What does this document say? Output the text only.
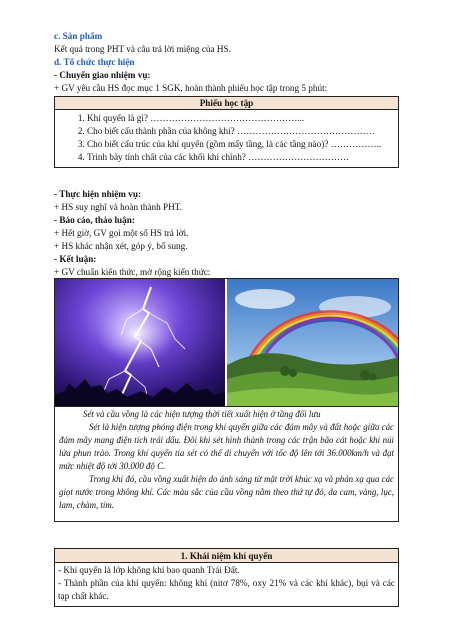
c. Sản phẩm
Kết quả trong PHT và câu trả lời miệng của HS.
d. Tổ chức thực hiện
- Chuyển giao nhiệm vụ:
+ GV yêu cầu HS đọc mục 1 SGK, hoàn thành phiếu học tập trong 5 phút:
Phiếu học tập
1. Khí quyển là gì? …………………………………………...
2. Cho biết cấu thành phần của không khí? ………………………………………
3. Cho biết cấu trúc của khí quyển (gồm mấy tầng, là các tầng nào)? ……………..
4. Trình bày tính chất của các khối khí chính? ……………………………
- Thực hiện nhiệm vụ:
+ HS suy nghĩ và hoàn thành PHT.
- Báo cáo, thảo luận:
+ Hết giờ, GV gọi một số HS trả lời.
+ HS khác nhận xét, góp ý, bổ sung.
- Kết luận:
+ GV chuẩn kiến thức, mở rộng kiến thức:
Sét và cầu vồng là các hiện tượng thời tiết xuất hiện ở tầng đối lưu

Sét là hiện tượng phóng điện trong khí quyển giữa các đám mây và đất hoặc giữa các đám mây mang điện tích trái dấu. Đôi khi sét hình thành trong các trận bão cát hoặc khi núi lửa phun trào. Trong khí quyển tia sét có thể di chuyển với tốc độ lên tới 36.000km/h và đạt mức nhiệt độ tới 30.000 độ C.

Trong khi đó, cầu vồng xuất hiện do ánh sáng từ mặt trời khúc xạ và phản xạ qua các giọt nước trong không khí. Các màu sắc của cầu vồng nằm theo thứ tự đỏ, da cam, vàng, lục, lam, chàm, tím.

1. Khái niệm khí quyển
- Khí quyển là lớp không khí bao quanh Trái Đất.
- Thành phần của khí quyển: không khí (nitơ 78%, oxy 21% và các khí khác), bụi và các tạp chất khác.
